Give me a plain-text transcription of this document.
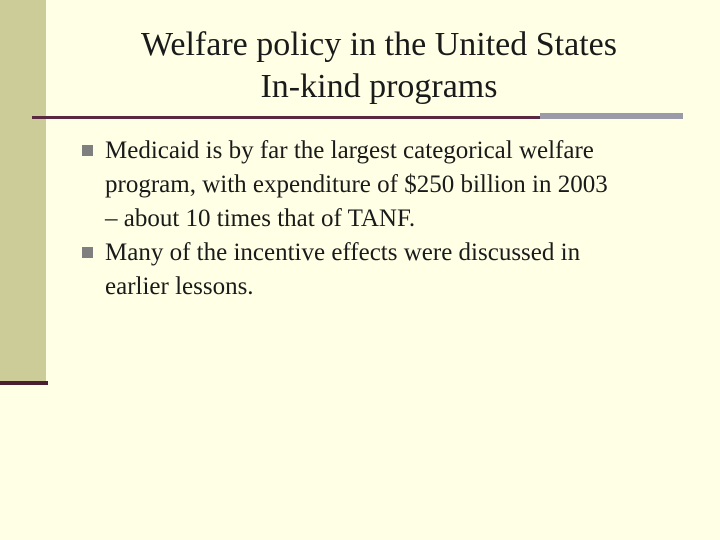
Welfare policy in the United States
In-kind programs
Medicaid is by far the largest categorical welfare
program, with expenditure of $250 billion in 2003
– about 10 times that of TANF.
Many of the incentive effects were discussed in
earlier lessons.
